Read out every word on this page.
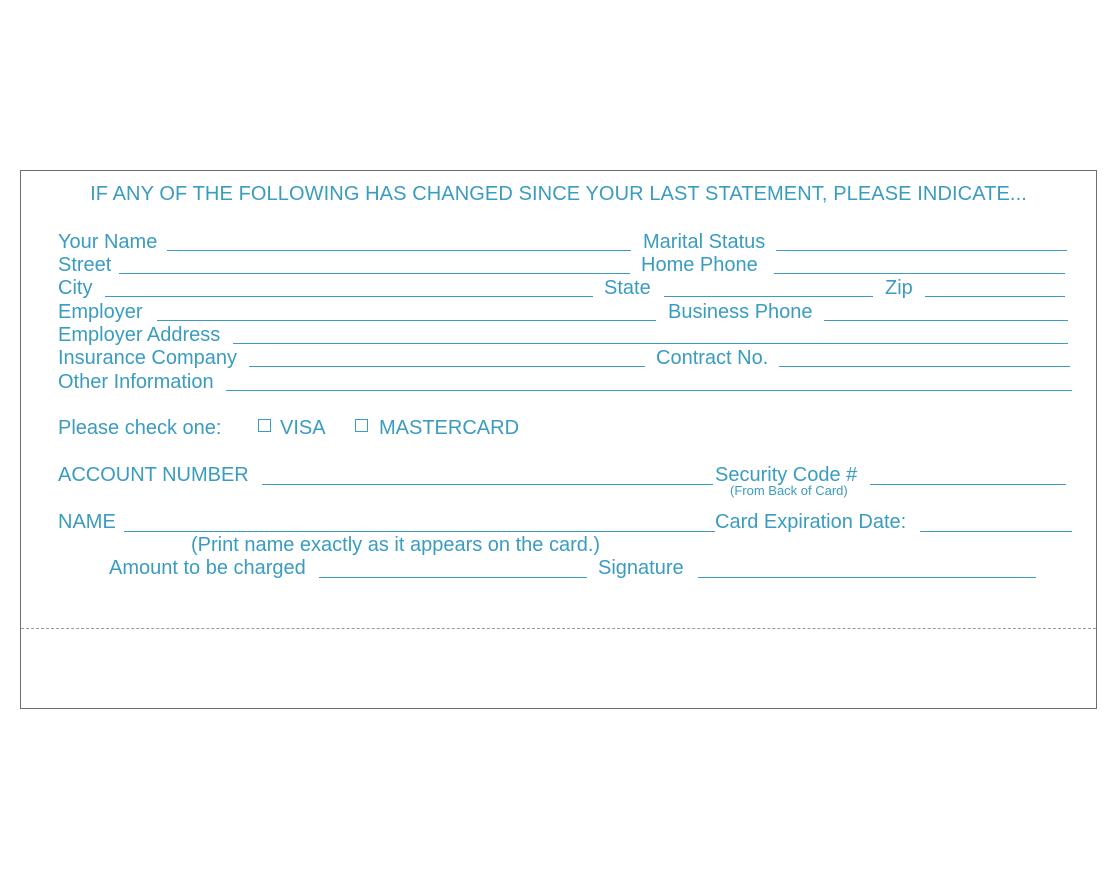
IF ANY OF THE FOLLOWING HAS CHANGED SINCE YOUR LAST STATEMENT, PLEASE INDICATE...
Your Name	Marital Status
Street	Home Phone
City	State	Zip
Employer	Business Phone
Employer Address
Insurance Company	Contract No.
Other Information
Please check one:	VISA	MASTERCARD
ACCOUNT NUMBER	Security Code #
(From Back of Card)
NAME	Card Expiration Date:
(Print name exactly as it appears on the card.)
Amount to be charged	Signature
